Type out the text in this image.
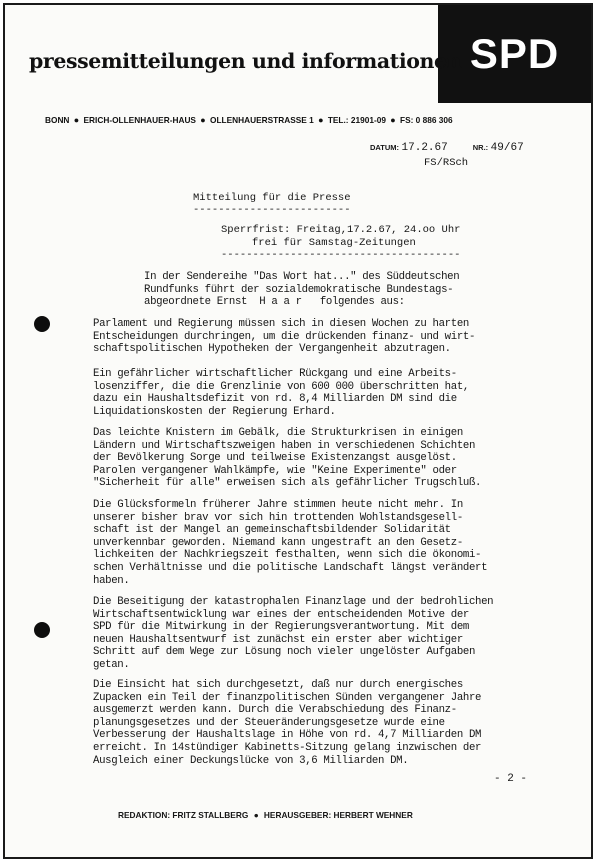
SPD
pressemitteilungen und informationen
BONN ● ERICH-OLLENHAUER-HAUS ● OLLENHAUERSTRASSE 1 ● TEL.: 21901-09 ● FS: 0 886 306
DATUM: 17.2.67	NR.: 49/67
FS/RSch
Mitteilung für die Presse
-------------------------
Sperrfrist: Freitag,17.2.67, 24.oo Uhr
frei für Samstag-Zeitungen
--------------------------------------
In der Sendereihe "Das Wort hat..." des Süddeutschen
Rundfunks führt der sozialdemokratische Bundestags-
abgeordnete Ernst  H a a r   folgendes aus:
Parlament und Regierung müssen sich in diesen Wochen zu harten
Entscheidungen durchringen, um die drückenden finanz- und wirt-
schaftspolitischen Hypotheken der Vergangenheit abzutragen.
Ein gefährlicher wirtschaftlicher Rückgang und eine Arbeits-
losenziffer, die die Grenzlinie von 600 000 überschritten hat,
dazu ein Haushaltsdefizit von rd. 8,4 Milliarden DM sind die
Liquidationskosten der Regierung Erhard.
Das leichte Knistern im Gebälk, die Strukturkrisen in einigen
Ländern und Wirtschaftszweigen haben in verschiedenen Schichten
der Bevölkerung Sorge und teilweise Existenzangst ausgelöst.
Parolen vergangener Wahlkämpfe, wie "Keine Experimente" oder
"Sicherheit für alle" erweisen sich als gefährlicher Trugschluß.
Die Glücksformeln früherer Jahre stimmen heute nicht mehr. In
unserer bisher brav vor sich hin trottenden Wohlstandsgesell-
schaft ist der Mangel an gemeinschaftsbildender Solidarität
unverkennbar geworden. Niemand kann ungestraft an den Gesetz-
lichkeiten der Nachkriegszeit festhalten, wenn sich die ökonomi-
schen Verhältnisse und die politische Landschaft längst verändert
haben.
Die Beseitigung der katastrophalen Finanzlage und der bedrohlichen
Wirtschaftsentwicklung war eines der entscheidenden Motive der
SPD für die Mitwirkung in der Regierungsverantwortung. Mit dem
neuen Haushaltsentwurf ist zunächst ein erster aber wichtiger
Schritt auf dem Wege zur Lösung noch vieler ungelöster Aufgaben
getan.
Die Einsicht hat sich durchgesetzt, daß nur durch energisches
Zupacken ein Teil der finanzpolitischen Sünden vergangener Jahre
ausgemerzt werden kann. Durch die Verabschiedung des Finanz-
planungsgesetzes und der Steueränderungsgesetze wurde eine
Verbesserung der Haushaltslage in Höhe von rd. 4,7 Milliarden DM
erreicht. In 14stündiger Kabinetts-Sitzung gelang inzwischen der
Ausgleich einer Deckungslücke von 3,6 Milliarden DM.
- 2 -
REDAKTION: FRITZ STALLBERG ● HERAUSGEBER: HERBERT WEHNER
